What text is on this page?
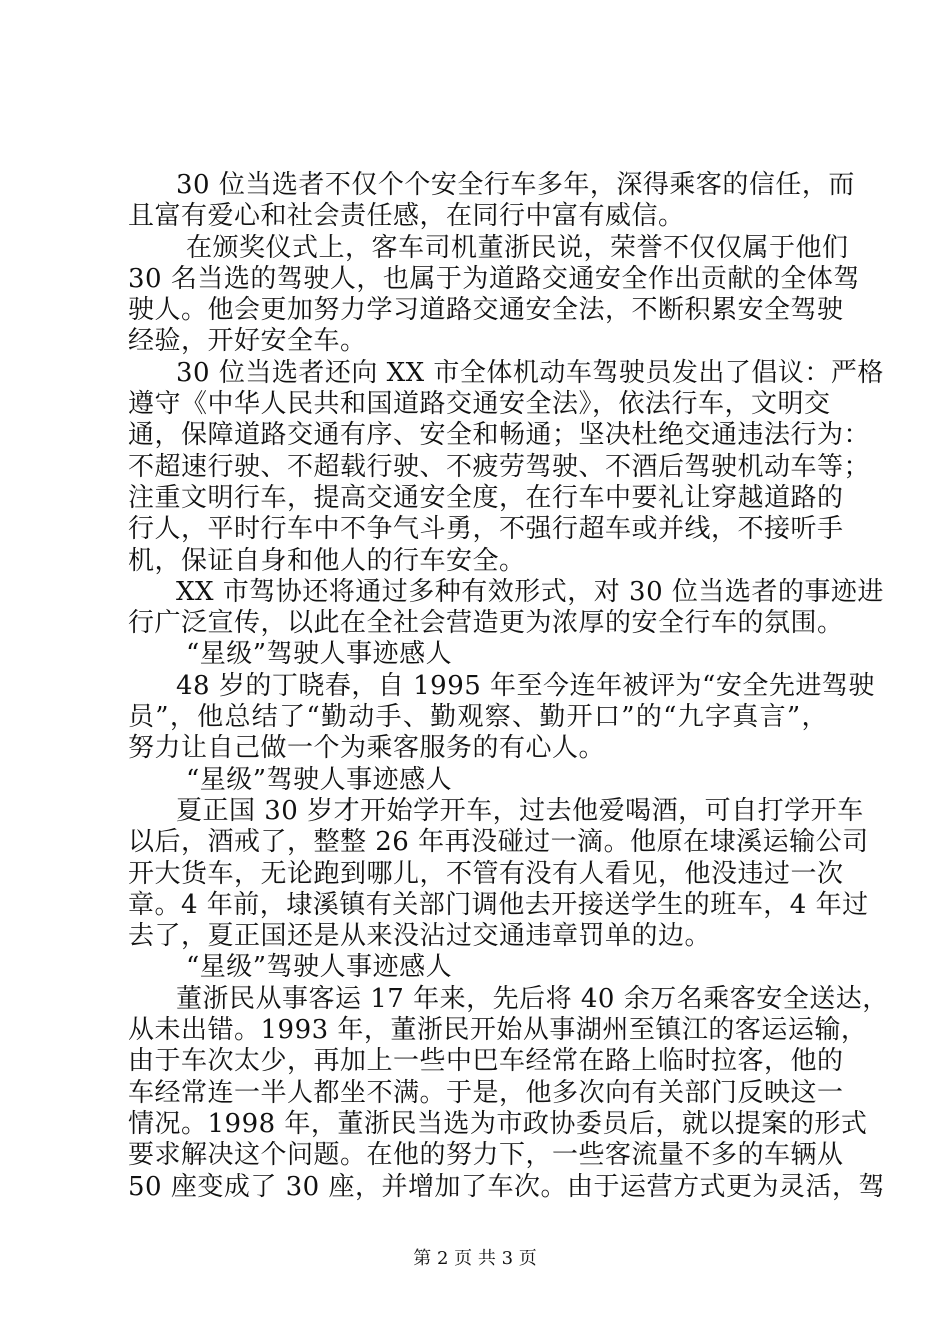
30 位当选者不仅个个安全行车多年，深得乘客的信任，而
且富有爱心和社会责任感，在同行中富有威信。
在颁奖仪式上，客车司机董浙民说，荣誉不仅仅属于他们
30 名当选的驾驶人，也属于为道路交通安全作出贡献的全体驾
驶人。他会更加努力学习道路交通安全法，不断积累安全驾驶
经验，开好安全车。
30 位当选者还向 XX 市全体机动车驾驶员发出了倡议：严格
遵守《中华人民共和国道路交通安全法》，依法行车，文明交
通，保障道路交通有序、安全和畅通；坚决杜绝交通违法行为：
不超速行驶、不超载行驶、不疲劳驾驶、不酒后驾驶机动车等；
注重文明行车，提高交通安全度，在行车中要礼让穿越道路的
行人，平时行车中不争气斗勇，不强行超车或并线，不接听手
机，保证自身和他人的行车安全。
XX 市驾协还将通过多种有效形式，对 30 位当选者的事迹进
行广泛宣传，以此在全社会营造更为浓厚的安全行车的氛围。
“星级”驾驶人事迹感人
48 岁的丁晓春，自 1995 年至今连年被评为“安全先进驾驶
员”，他总结了“勤动手、勤观察、勤开口”的“九字真言”，
努力让自己做一个为乘客服务的有心人。
“星级”驾驶人事迹感人
夏正国 30 岁才开始学开车，过去他爱喝酒，可自打学开车
以后，酒戒了，整整 26 年再没碰过一滴。他原在埭溪运输公司
开大货车，无论跑到哪儿，不管有没有人看见，他没违过一次
章。4 年前，埭溪镇有关部门调他去开接送学生的班车，4 年过
去了，夏正国还是从来没沾过交通违章罚单的边。
“星级”驾驶人事迹感人
董浙民从事客运 17 年来，先后将 40 余万名乘客安全送达，
从未出错。1993 年，董浙民开始从事湖州至镇江的客运运输，
由于车次太少，再加上一些中巴车经常在路上临时拉客，他的
车经常连一半人都坐不满。于是，他多次向有关部门反映这一
情况。1998 年，董浙民当选为市政协委员后，就以提案的形式
要求解决这个问题。在他的努力下，一些客流量不多的车辆从
50 座变成了 30 座，并增加了车次。由于运营方式更为灵活，驾
第 2 页 共 3 页
